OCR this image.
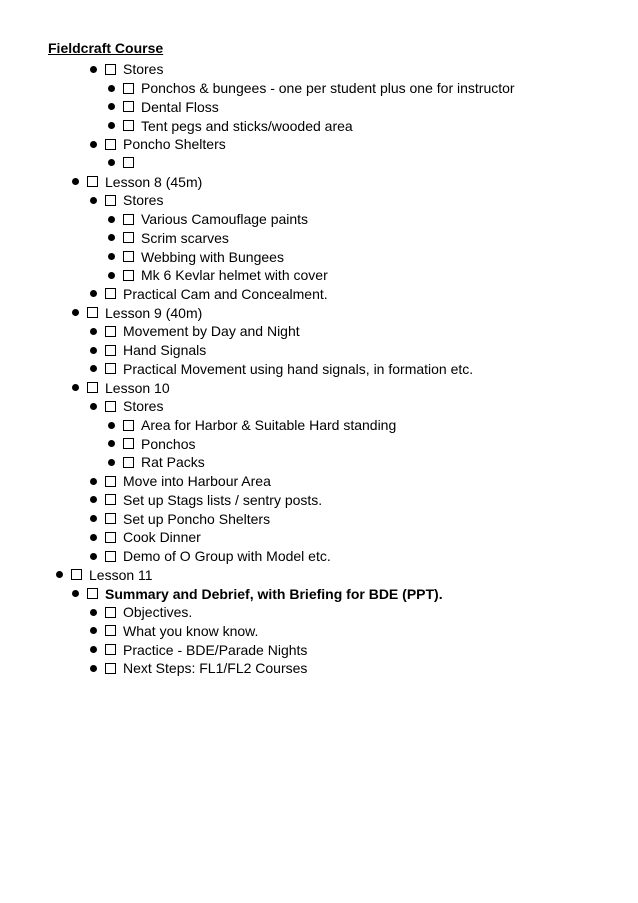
Fieldcraft Course
Stores
Ponchos & bungees - one per student plus one for instructor
Dental Floss
Tent pegs and sticks/wooded area
Poncho Shelters
Lesson 8 (45m)
Stores
Various Camouflage paints
Scrim scarves
Webbing with Bungees
Mk 6 Kevlar helmet with cover
Practical Cam and Concealment.
Lesson 9 (40m)
Movement by Day and Night
Hand Signals
Practical Movement using hand signals, in formation etc.
Lesson 10
Stores
Area for Harbor & Suitable Hard standing
Ponchos
Rat Packs
Move into Harbour Area
Set up Stags lists / sentry posts.
Set up Poncho Shelters
Cook Dinner
Demo of O Group with Model etc.
Lesson 11
Summary and Debrief, with Briefing for BDE (PPT).
Objectives.
What you know know.
Practice - BDE/Parade Nights
Next Steps: FL1/FL2 Courses
